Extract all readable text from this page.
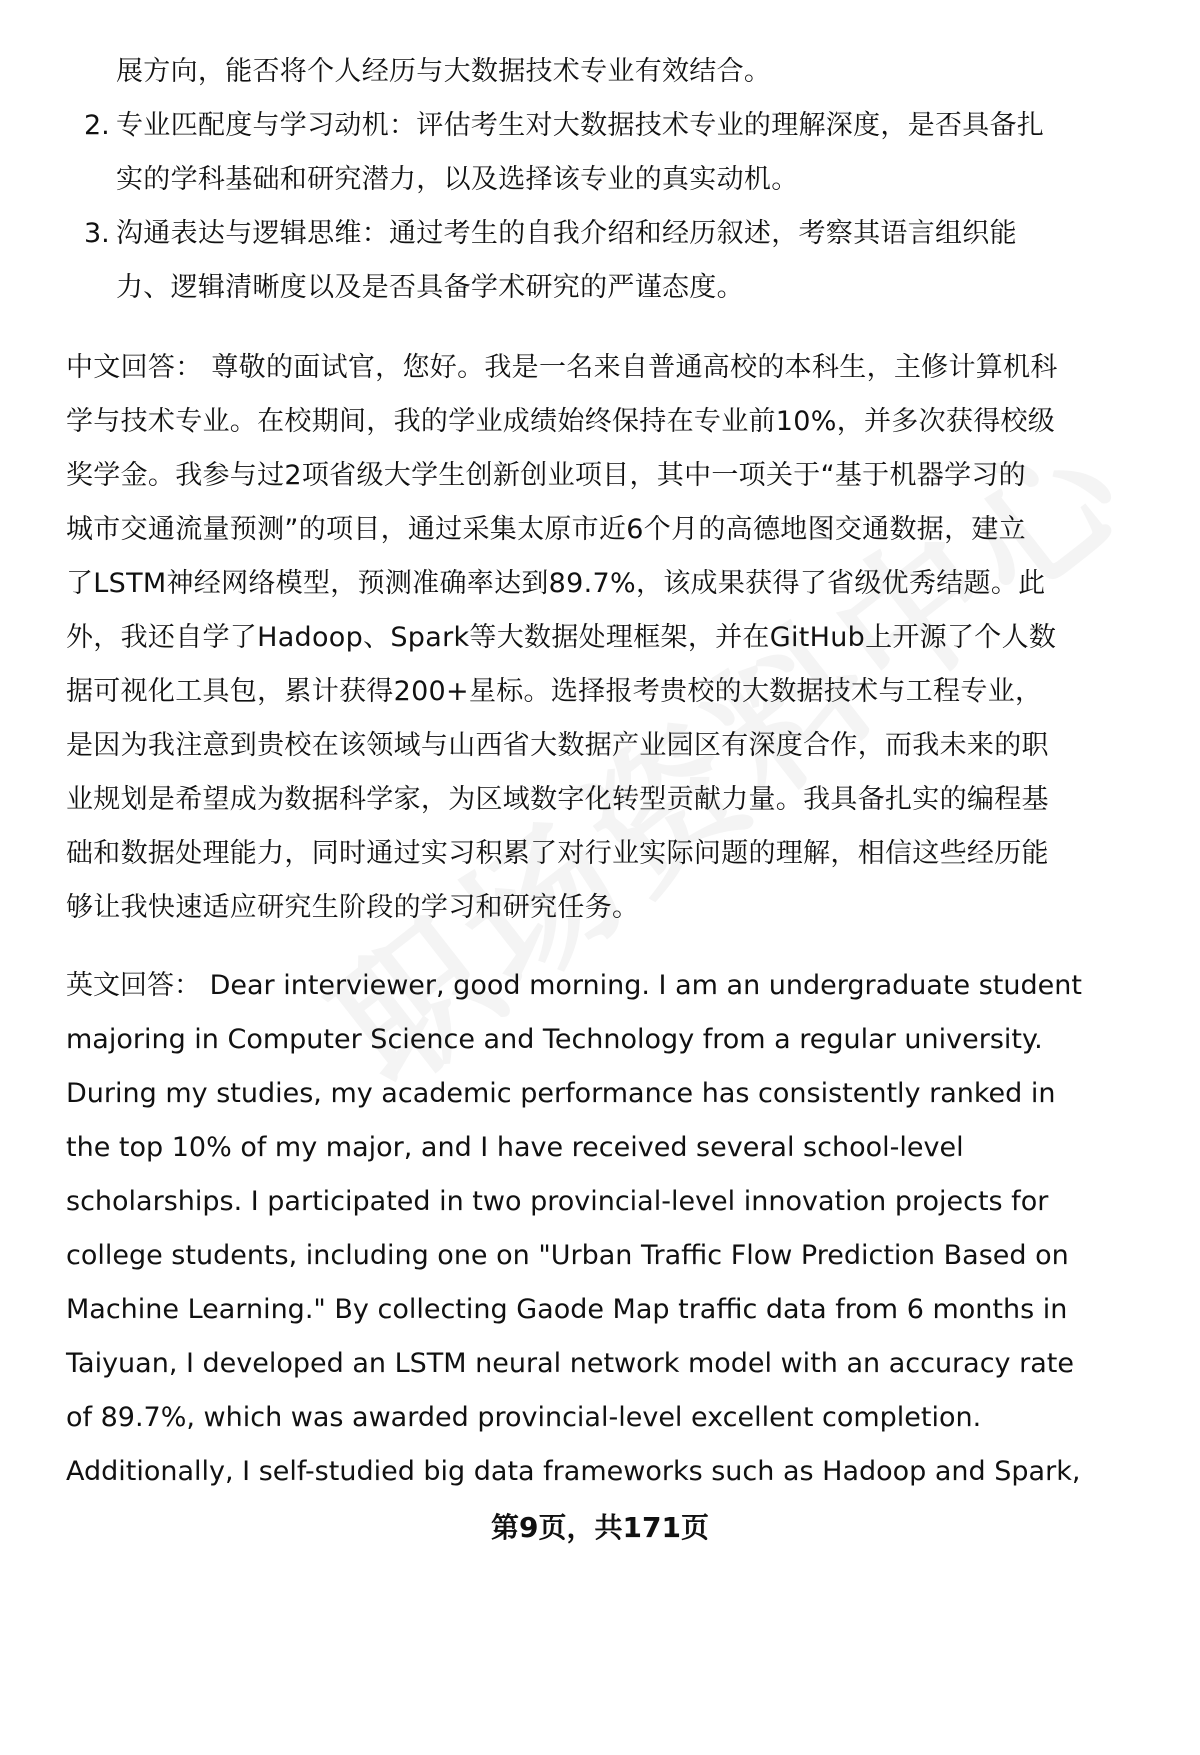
展方向，能否将个人经历与大数据技术专业有效结合。
2. 专业匹配度与学习动机：评估考生对大数据技术专业的理解深度，是否具备扎
实的学科基础和研究潜力，以及选择该专业的真实动机。
3. 沟通表达与逻辑思维：通过考生的自我介绍和经历叙述，考察其语言组织能
力、逻辑清晰度以及是否具备学术研究的严谨态度。
中文回答： 尊敬的面试官，您好。我是一名来自普通高校的本科生，主修计算机科
学与技术专业。在校期间，我的学业成绩始终保持在专业前10%，并多次获得校级
奖学金。我参与过2项省级大学生创新创业项目，其中一项关于“基于机器学习的
城市交通流量预测”的项目，通过采集太原市近6个月的高德地图交通数据，建立
了LSTM神经网络模型，预测准确率达到89.7%，该成果获得了省级优秀结题。此
外，我还自学了Hadoop、Spark等大数据处理框架，并在GitHub上开源了个人数
据可视化工具包，累计获得200+星标。选择报考贵校的大数据技术与工程专业，
是因为我注意到贵校在该领域与山西省大数据产业园区有深度合作，而我未来的职
业规划是希望成为数据科学家，为区域数字化转型贡献力量。我具备扎实的编程基
础和数据处理能力，同时通过实习积累了对行业实际问题的理解，相信这些经历能
够让我快速适应研究生阶段的学习和研究任务。
英文回答： Dear interviewer, good morning. I am an undergraduate student
majoring in Computer Science and Technology from a regular university.
During my studies, my academic performance has consistently ranked in
the top 10% of my major, and I have received several school-level
scholarships. I participated in two provincial-level innovation projects for
college students, including one on "Urban Traffic Flow Prediction Based on
Machine Learning." By collecting Gaode Map traffic data from 6 months in
Taiyuan, I developed an LSTM neural network model with an accuracy rate
of 89.7%, which was awarded provincial-level excellent completion.
Additionally, I self-studied big data frameworks such as Hadoop and Spark,
第9页，共171页
